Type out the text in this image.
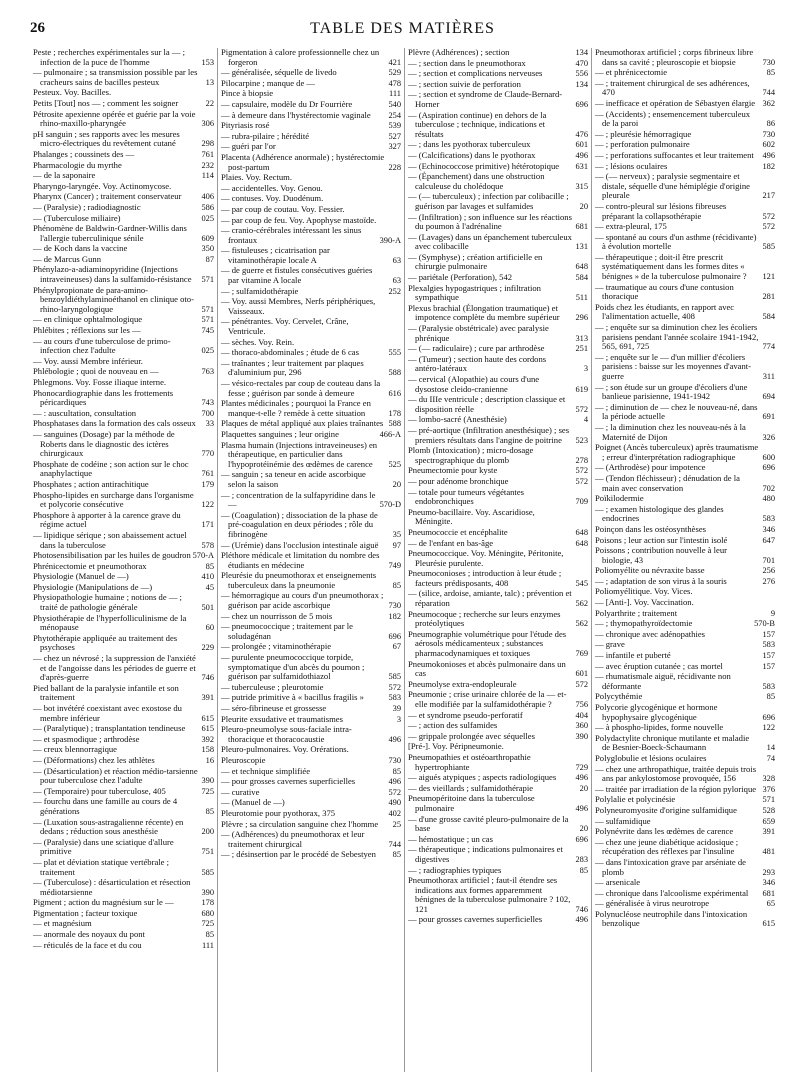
26	TABLE DES MATIÈRES
Peste ; recherches expérimentales sur la — ; infection de la puce de l'homme	153
— pulmonaire ; sa transmission possible par les cracheurs sains de bacilles pesteux	13
Pesteux. Voy. Bacilles.
Petits [Tout] nos — ; comment les soigner	22
Pétrosite apexienne opérée et guérie par la voie rhino-maxillo-pharyngée	306
pH sanguin ; ses rapports avec les mesures micro-électriques du revêtement cutané	298
Phalanges ; coussinets des —	761
Pharmacologie du myrthe	232
— de la saponaire	114
Pharyngo-laryngée. Voy. Actinomycose.
Pharynx (Cancer) ; traitement conservateur 406
— (Paralysie) ; radiodiagnostic	586
— (Tuberculose miliaire)	025
Phénomène de Baldwin-Gardner-Willis dans l'allergie tuberculinique sénile	609
— de Koch dans la vaccine	350
— de Marcus Gunn	87
Phénylazo-a-adiaminopyridine (Injections intraveineuses) dans la sulfamido-résistance 571
Phénylpropionate de para-amino-benzoyldiéthylaminoéthanol en clinique oto-rhino-laryngologique	571
— en clinique ophtalmologique	571
Phlébites ; réflexions sur les —	745
— au cours d'une tuberculose de primo-infection chez l'adulte	025
— Voy. aussi Membre inférieur.
Phlébologie ; quoi de nouveau en —	763
Phlegmons. Voy. Fosse iliaque interne.
Phonocardiographie dans les frottements péricardiques	743
— : auscultation, consultation	700
Phosphatases dans la formation des cals osseux 33
— sanguines (Dosage) par la méthode de Roberts dans le diagnostic des ictères chirurgicaux	770
Phosphate de codéine ; son action sur le choc anaphylactique	761
Phosphates ; action antirachitique	179
Phospho-lipides en surcharge dans l'organisme et polycorie consécutive	122
Phosphore à apporter à la carence grave du régime actuel	171
— lipidique sérique ; son abaissement actuel dans la tuberculose	578
Photosensibilisation par les huiles de goudron 570-A
Phrénicectomie et pneumothorax	85
Physiologie (Manuel de —)	410
Physiologie (Manipulations de —)	45
Physiopathologie humaine ; notions de — ; traité de pathologie générale	501
Physiothérapie de l'hyperfolliculinisme de la ménopause	60
Phytothérapie appliquée au traitement des psychoses	229
— chez un névrosé ; la suppression de l'anxiété et de l'angoisse dans les périodes de guerre et d'après-guerre	746
Pied ballant de la paralysie infantile et son traitement	391
— bot invétéré coexistant avec exostose du membre inférieur	615
— (Paralytique) ; transplantation tendineuse 615
— et spasmodique ; arthrodèse	392
— creux blennorragique	158
— (Déformations) chez les athlètes	16
— (Désarticulation) et réaction médio-tarsienne pour tuberculose chez l'adulte	390
— (Temporaire) pour tuberculose, 405	725
— fourchu dans une famille au cours de 4 générations	85
— (Luxation sous-astragalienne récente) en dedans ; réduction sous anesthésie	200
— (Paralysie) dans une sciatique d'allure primitive	751
— plat et déviation statique vertébrale ; traitement	585
— (Tuberculose) : désarticulation et résection médiotarsienne	390
Pigment ; action du magnésium sur le —	178
Pigmentation ; facteur toxique	680
— et magnésium	725
— anormale des noyaux du pont	85
— réticulés de la face et du cou	111
Pigmentation à calore professionnelle chez un forgeron	421
— généralisée, séquelle de livedo	529
Pilocarpine ; manque de —	478
Pince à biopsie	111
— capsulaire, modèle du Dr Fourrière	540
— à demeure dans l'hystérectomie vaginale 254
Pityriasis rosé	539
— rubra-pilaire ; hérédité	527
— guéri par l'or	327
Placenta (Adhérence anormale) ; hystérectomie post-partum	228
Plaies. Voy. Rectum.
— accidentelles. Voy. Genou.
— contuses. Voy. Duodénum.
— par coup de coutau. Voy. Fessier.
— par coup de feu. Voy. Apophyse mastoïde.
— cranio-cérébrales intéressant les sinus frontaux	390-A
— fistuleuses ; cicatrisation par vitaminothérapie locale A	63
— de guerre et fistules consécutives guéries par vitamine A locale	63
— ; sulfamidothérapie	252
— Voy. aussi Membres, Nerfs périphériques, Vaisseaux.
— pénétrantes. Voy. Cervelet, Crâne, Ventricule.
— sèches. Voy. Rein.
— thoraco-abdominales ; étude de 6 cas	555
— traînantes ; leur traitement par plaques d'aluminium pur, 296	588
— vésico-rectales par coup de couteau dans la fesse ; guérison par sonde à demeure	616
Plantes médicinales ; pourquoi la France en manque-t-elle ? remède à cette situation	178
Plaques de métal appliqué aux plaies traînantes 588
Plaquettes sanguines ; leur origine	466-A
Plasma humain (Injections intraveineuses) en thérapeutique, en particulier dans l'hypoprotéinémie des œdèmes de carence 525
— sanguin ; sa teneur en acide ascorbique selon la saison	20
— ; concentration de la sulfapyridine dans le —	570-D
— (Coagulation) ; dissociation de la phase de pré-coagulation en deux périodes ; rôle du fibrinogène	35
— (Urémie) dans l'occlusion intestinale aiguë 97
Pléthore médicale et limitation du nombre des étudiants en médecine	749
Pleurésie du pneumothorax et enseignements tuberculeux dans la pneumonie	85
— hémorragique au cours d'un pneumothorax ; guérison par acide ascorbique	730
— chez un nourrisson de 5 mois	182
— pneumococcique ; traitement par le soludagénan	696
— prolongée ; vitaminothérapie	67
— purulente pneumococcique torpide, symptomatique d'un abcès du poumon ; guérison par sulfamidothiazol	585
— tuberculeuse ; pleurotomie	572
— putride primitive à « bacillus fragilis »	583
— séro-fibrineuse et grossesse	39
Pleurite exsudative et traumatismes	3
Pleuro-pneumolyse sous-faciale intra-thoracique et thoracocaustie	496
Pleuro-pulmonaires. Voy. Orérations.
Pleuroscopie	730
— et technique simplifiée	85
— pour grosses cavernes superficielles	496
— curative	572
— (Manuel de —)	490
Pleurotomie pour pyothorax, 375	402
Plèvre ; sa circulation sanguine chez l'homme 25
— (Adhérences) du pneumothorax et leur traitement chirurgical	744
— ; désinsertion par le procédé de Sebestyen 85
Plèvre (Adhérences) ; section	134
— ; section dans le pneumothorax	470
— ; section et complications nerveuses	556
— ; section suivie de perforation	134
— ; section et syndrome de Claude-Bernard-Horner	696
— (Aspiration continue) en dehors de la tuberculose ; technique, indications et résultats	476
— ; dans les pyothorax tuberculeux	601
— (Calcifications) dans le pyothorax	496
— (Echinococcose primitive) hétérotopique 631
— (Épanchement) dans une obstruction calculeuse du cholédoque	315
— (— tuberculeux) ; infection par colibacille ; guérison par lavages et sulfamides	20
— (Infiltration) ; son influence sur les réactions du poumon à l'adrénaline	681
— (Lavages) dans un épanchement tuberculeux avec colibacille	131
— (Symphyse) ; création artificielle en chirurgie pulmonaire	648
— pariétale (Perforation), 542	584
Plexalgies hypogastriques ; infiltration sympathique	511
Plexus brachial (Élongation traumatique) et impotence complète du membre supérieur 296
— (Paralysie obstétricale) avec paralysie phrénique	313
— (— radiculaire) ; cure par arthrodèse	251
— (Tumeur) ; section haute des cordons antéro-latéraux	3
— cervical (Alopathie) au cours d'une dysostose cleido-cranienne	619
— du IIIe ventricule ; description classique et disposition réelle	572
— lombo-sacré (Anesthésie)	4
— pré-aortique (Infiltration anesthésique) ; ses premiers résultats dans l'angine de poitrine 523
Plomb (Intoxication) ; micro-dosage spectrographique du plomb	278
Pneumectomie pour kyste	572
— pour adénome bronchique	572
— totale pour tumeurs végétantes endobronchiques	709
Pneumo-bacillaire. Voy. Ascaridiose, Méningite.
Pneumococcie et encéphalite	648
— de l'enfant en bas-âge	648
Pneumococcique. Voy. Méningite, Péritonite, Pleurésie purulente.
Pneumoconioses ; introduction à leur étude ; facteurs prédisposants, 408	545
— (silice, ardoise, amiante, talc) ; prévention et réparation	562
Pneumocoque ; recherche sur leurs enzymes protéolytiques	562
Pneumographie volumétrique pour l'étude des aérosols médicamenteux ; substances pharmacodynamiques et toxiques	769
Pneumokonioses et abcès pulmonaire dans un cas	601
Pneumolyse extra-endopleurale	572
Pneumonie ; crise urinaire chlorée de la — et-elle modifiée par la sulfamidothérapie ?	756
— et syndrome pseudo-perforatif	404
— ; action des sulfamides	360
— grippale prolongée avec séquelles	390
[Pré-]. Voy. Péripneumonie.
Pneumopathies et ostéoarthropathie hypertrophiante	729
— aigués atypiques ; aspects radiologiques 496
— des vieillards ; sulfamidothérapie	20
Pneumopéritoine dans la tuberculose pulmonaire	496
— d'une grosse cavité pleuro-pulmonaire de la base	20
— hémostatique ; un cas	696
— thérapeutique ; indications pulmonaires et digestives	283
— ; radiographies typiques	85
Pneumothorax artificiel ; faut-il étendre ses indications aux formes apparemment bénignes de la tuberculose pulmonaire ? 102, 121	746
— pour grosses cavernes superficielles	496
Pneumothorax artificiel ; corps fibrineux libre dans sa cavité ; pleuroscopie et biopsie	730
— et phrénicectomie	85
— ; traitement chirurgical de ses adhérences, 470	744
— inefficace et opération de Sébastyen élargie 362
— (Accidents) ; ensemencement tuberculeux de la paroi	86
— ; pleurésie hémorragique	730
— ; perforation pulmonaire	602
— ; perforations suffocantes et leur traitement 496
— ; lésions oculaires	182
— (— nerveux) ; paralysie segmentaire et distale, séquelle d'une hémiplégie d'origine pleurale	217
— contro-pleural sur lésions fibreuses préparant la collapsothérapie	572
— extra-pleural, 175	572
— spontané au cours d'un asthme (récidivante) à évolution mortelle	585
— thérapeutique ; doit-il être prescrit systématiquement dans les formes dites « bénignes » de la tuberculose pulmonaire ? 121
— traumatique au cours d'une contusion thoracique	281
Poids chez les étudiants, en rapport avec l'alimentation actuelle, 408	584
— ; enquête sur sa diminution chez les écoliers parisiens pendant l'année scolaire 1941-1942, 565, 691, 725	774
— ; enquête sur le — d'un millier d'écoliers parisiens : baisse sur les moyennes d'avant-guerre	311
— ; son étude sur un groupe d'écoliers d'une banlieue parisienne, 1941-1942	694
— ; diminution de — chez le nouveau-né, dans la période actuelle	691
— ; la diminution chez les nouveau-nés à la Maternité de Dijon	326
Poignet (Ancès tuberculeux) après traumatisme ; erreur d'interprétation radiographique	600
— (Arthrodèse) pour impotence	696
— (Tendon fléchisseur) ; dénudation de la main avec conservation	702
Poïkilodermie	480
— ; examen histologique des glandes endocrines	583
Poinçon dans les ostéosynthèses	346
Poisons ; leur action sur l'intestin isolé	647
Poissons ; contribution nouvelle à leur biologie, 43	701
Poliomyélite ou névraxite basse	256
— ; adaptation de son virus à la souris	276
Poliomyélitique. Voy. Vices.
— [Anti-]. Voy. Vaccination.
Polyarthrite ; traitement	9
— ; thymopathyroïdectomie	570-B
— chronique avec adénopathies	157
— grave	583
— infantile et puberté	157
— avec éruption cutanée ; cas mortel	157
— rhumatismale aiguë, récidivante non déformante	583
Polycythémie	85
Polycorie glycogénique et hormone hypophysaire glycogénique	696
— à phospho-lipides, forme nouvelle	122
Polydactylite chronique mutilante et maladie de Besnier-Boeck-Schaumann	14
Polyglobulie et lésions oculaires	74
— chez une arthropathique, traitée depuis trois ans par ankylostomose provoquée, 156	328
— traitée par irradiation de la région pylorique 376
Polylalie et polycinésie	571
Polyneuromyosite d'origine sulfamidique	528
— sulfamidique	659
Polynévrite dans les œdèmes de carence	391
— chez une jeune diabétique acidosique ; récupération des réflexes par l'insuline	481
— dans l'intoxication grave par arséniate de plomb	293
— arsenicale	346
— chronique dans l'alcoolisme expérimental 681
— généralisée à virus neurotrope	65
Polynucléose neutrophile dans l'intoxication benzolique	615
